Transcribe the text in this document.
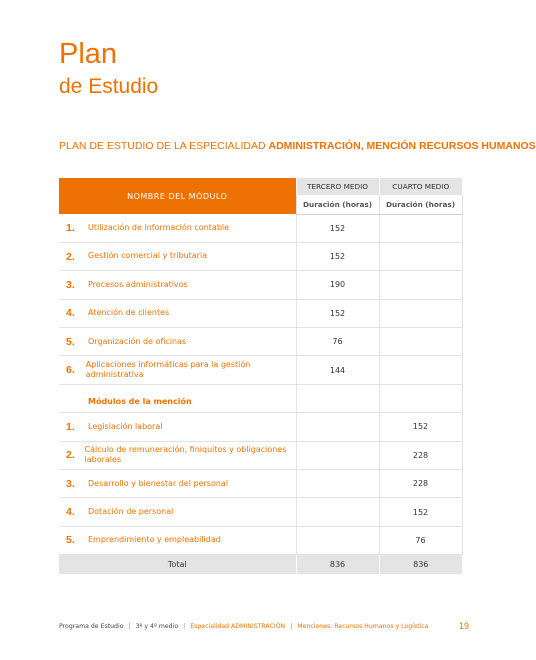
Plan
de Estudio
PLAN DE ESTUDIO DE LA ESPECIALIDAD ADMINISTRACIÓN, MENCIÓN RECURSOS HUMANOS
NOMBRE DEL MÓDULO	TERCERO MEDIO	CUARTO MEDIO
	Duración (horas)	Duración (horas)

1. Utilización de información contable	152	

2. Gestión comercial y tributaria	152	

3. Procesos administrativos	190	

4. Atención de clientes	152	

5. Organización de oficinas	76	

6. Aplicaciones informáticas para la gestión administrativa	144	
Módulos de la mención		

1. Legislación laboral		152

2. Cálculo de remuneración, finiquitos y obligaciones laborales		228

3. Desarrollo y bienestar del personal		228

4. Dotación de personal		152

5. Emprendimiento y empleabilidad		76
Total	836	836
Programa de Estudio | 3º y 4º medio | Especialidad ADMINISTRACIÓN | Menciones: Recursos Humanos y Logística	19
